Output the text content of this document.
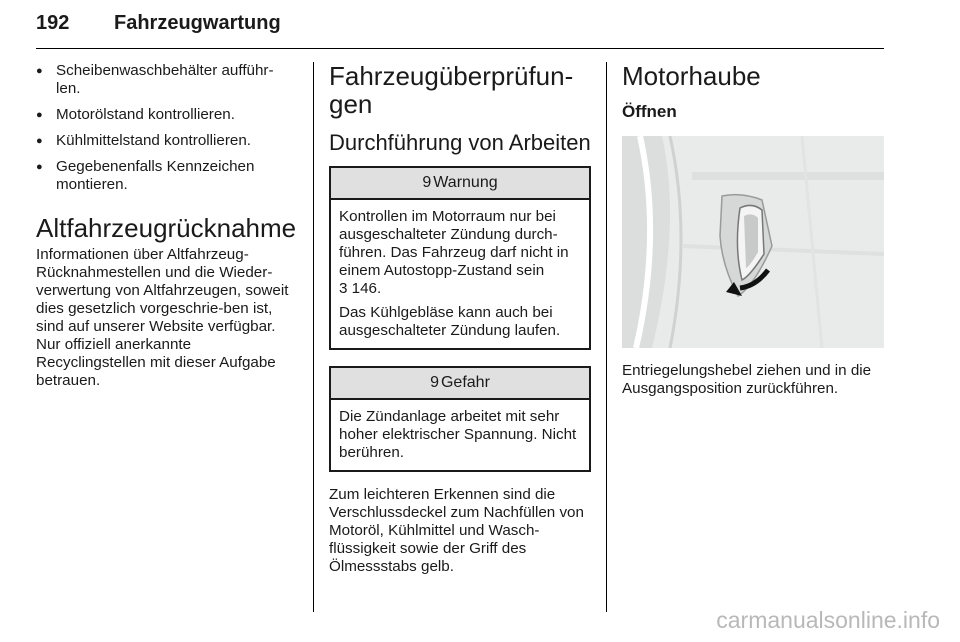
192 Fahrzeugwartung
● Scheibenwaschbehälter aufführ-len.
● Motorölstand kontrollieren.
● Kühlmittelstand kontrollieren.
● Gegebenenfalls Kennzeichen montieren.
Altfahrzeugrücknahme

Informationen über Altfahrzeug-Rücknahmestellen und die Wieder-verwertung von Altfahrzeugen, soweit dies gesetzlich vorgeschrie-ben ist, sind auf unserer Website verfügbar. Nur offiziell anerkannte Recyclingstellen mit dieser Aufgabe betrauen.

Fahrzeugüberprüfun-gen
Durchführung von Arbeiten
9 Warnung

Kontrollen im Motorraum nur bei ausgeschalteter Zündung durch-führen. Das Fahrzeug darf nicht in einem Autostopp-Zustand sein
3 146.

Das Kühlgebläse kann auch bei ausgeschalteter Zündung laufen.

9 Gefahr

Die Zündanlage arbeitet mit sehr hoher elektrischer Spannung. Nicht berühren.

Zum leichteren Erkennen sind die Verschlussdeckel zum Nachfüllen von Motoröl, Kühlmittel und Wasch-flüssigkeit sowie der Griff des Ölmessstabs gelb.

Motorhaube
Öffnen

Entriegelungshebel ziehen und in die Ausgangsposition zurückführen.

carmanualsonline.info
